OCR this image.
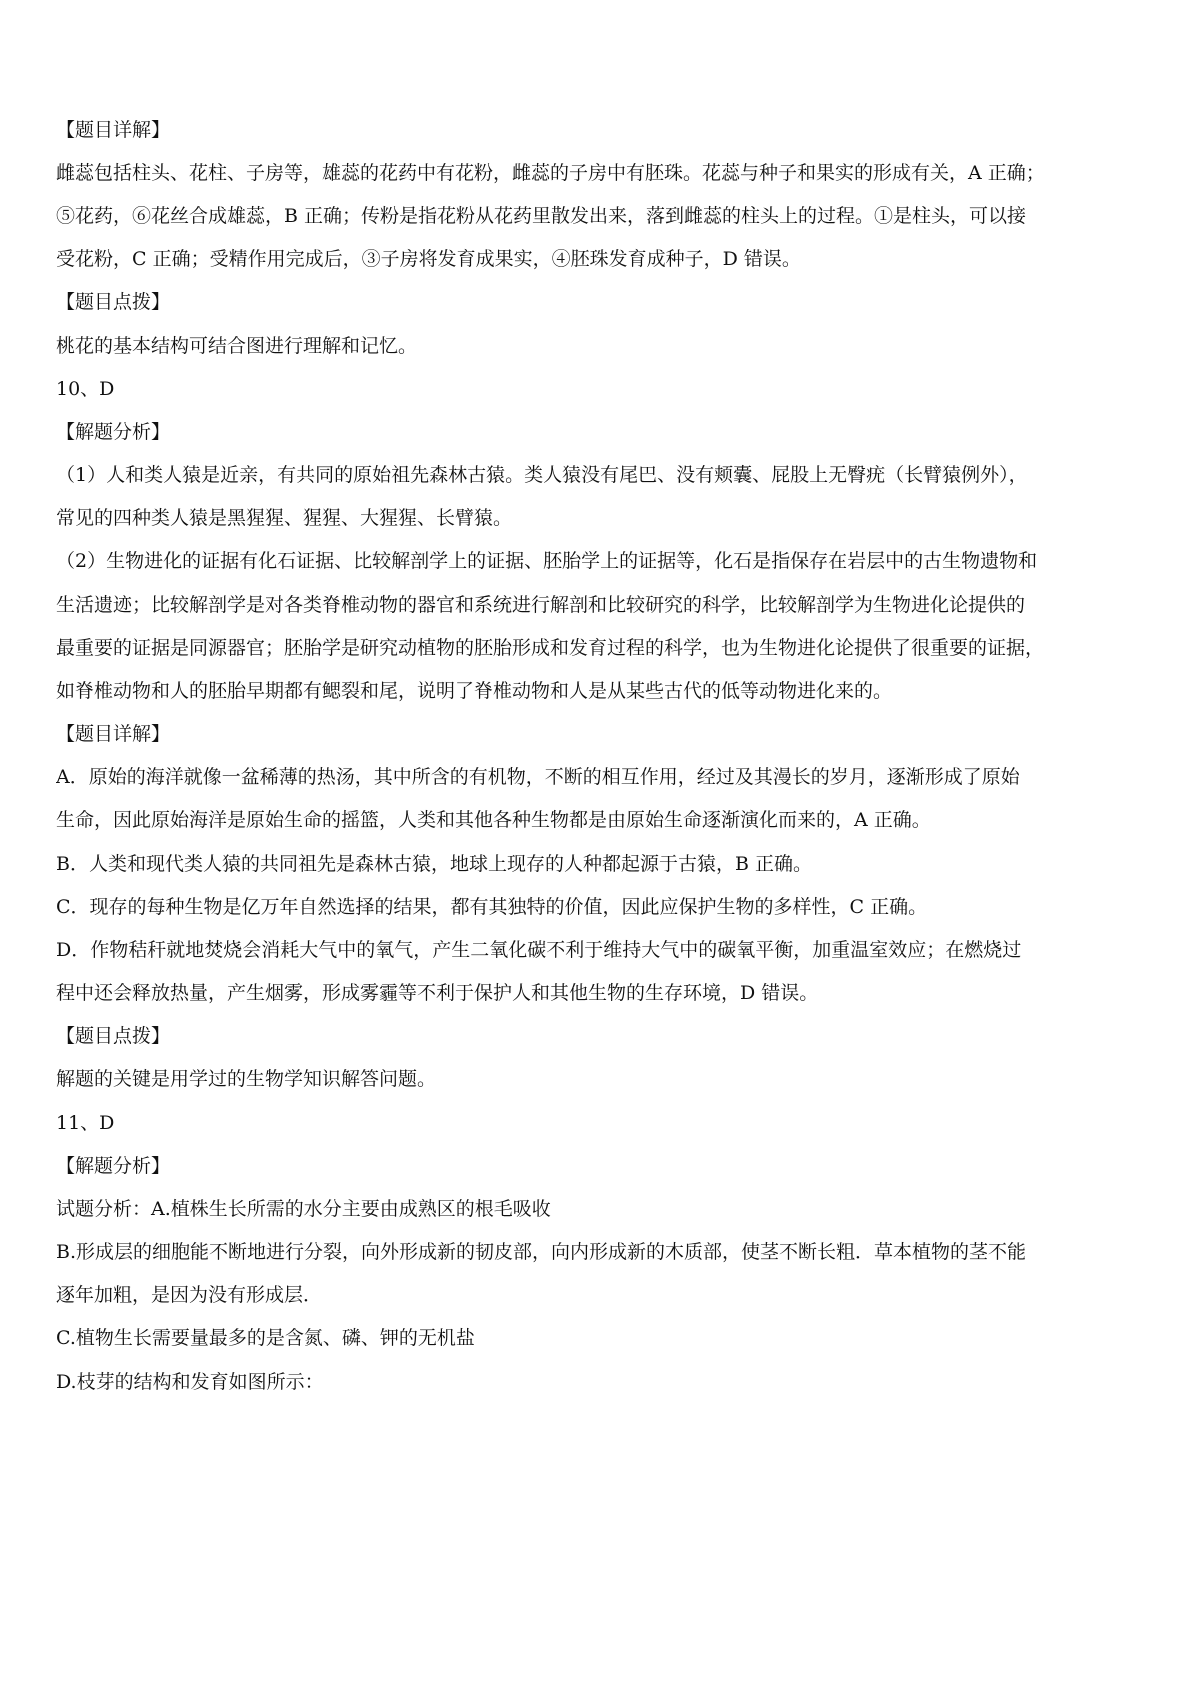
【题目详解】
雌蕊包括柱头、花柱、子房等，雄蕊的花药中有花粉，雌蕊的子房中有胚珠。花蕊与种子和果实的形成有关，A 正确；
⑤花药，⑥花丝合成雄蕊，B 正确；传粉是指花粉从花药里散发出来，落到雌蕊的柱头上的过程。①是柱头，可以接
受花粉，C 正确；受精作用完成后，③子房将发育成果实，④胚珠发育成种子，D 错误。
【题目点拨】
桃花的基本结构可结合图进行理解和记忆。
10、D
【解题分析】
（1）人和类人猿是近亲，有共同的原始祖先森林古猿。类人猿没有尾巴、没有颊囊、屁股上无臀疣（长臂猿例外），
常见的四种类人猿是黑猩猩、猩猩、大猩猩、长臂猿。
（2）生物进化的证据有化石证据、比较解剖学上的证据、胚胎学上的证据等，化石是指保存在岩层中的古生物遗物和
生活遗迹；比较解剖学是对各类脊椎动物的器官和系统进行解剖和比较研究的科学，比较解剖学为生物进化论提供的
最重要的证据是同源器官；胚胎学是研究动植物的胚胎形成和发育过程的科学，也为生物进化论提供了很重要的证据，
如脊椎动物和人的胚胎早期都有鳃裂和尾，说明了脊椎动物和人是从某些古代的低等动物进化来的。
【题目详解】
A．原始的海洋就像一盆稀薄的热汤，其中所含的有机物，不断的相互作用，经过及其漫长的岁月，逐渐形成了原始
生命，因此原始海洋是原始生命的摇篮，人类和其他各种生物都是由原始生命逐渐演化而来的，A 正确。
B．人类和现代类人猿的共同祖先是森林古猿，地球上现存的人种都起源于古猿，B 正确。
C．现存的每种生物是亿万年自然选择的结果，都有其独特的价值，因此应保护生物的多样性，C 正确。
D．作物秸秆就地焚烧会消耗大气中的氧气，产生二氧化碳不利于维持大气中的碳氧平衡，加重温室效应；在燃烧过
程中还会释放热量，产生烟雾，形成雾霾等不利于保护人和其他生物的生存环境，D 错误。
【题目点拨】
解题的关键是用学过的生物学知识解答问题。
11、D
【解题分析】
试题分析：A.植株生长所需的水分主要由成熟区的根毛吸收
B.形成层的细胞能不断地进行分裂，向外形成新的韧皮部，向内形成新的木质部，使茎不断长粗．草本植物的茎不能
逐年加粗，是因为没有形成层．
C.植物生长需要量最多的是含氮、磷、钾的无机盐
D.枝芽的结构和发育如图所示：
